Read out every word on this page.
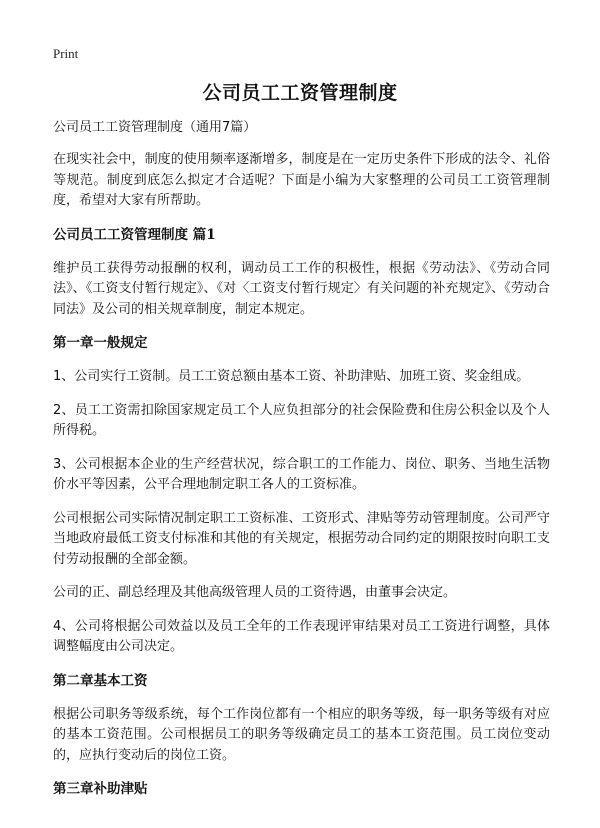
Print
公司员工工资管理制度

公司员工工资管理制度（通用7篇）

在现实社会中，制度的使用频率逐渐增多，制度是在一定历史条件下形成的法令、礼俗等规范。制度到底怎么拟定才合适呢？下面是小编为大家整理的公司员工工资管理制度，希望对大家有所帮助。

公司员工工资管理制度 篇1

维护员工获得劳动报酬的权利，调动员工工作的积极性，根据《劳动法》、《劳动合同法》、《工资支付暂行规定》、《对〈工资支付暂行规定〉有关问题的补充规定》、《劳动合同法》及公司的相关规章制度，制定本规定。

第一章一般规定

1、公司实行工资制。员工工资总额由基本工资、补助津贴、加班工资、奖金组成。

2、员工工资需扣除国家规定员工个人应负担部分的社会保险费和住房公积金以及个人所得税。

3、公司根据本企业的生产经营状况，综合职工的工作能力、岗位、职务、当地生活物价水平等因素，公平合理地制定职工各人的工资标准。

公司根据公司实际情况制定职工工资标准、工资形式、津贴等劳动管理制度。公司严守当地政府最低工资支付标准和其他的有关规定，根据劳动合同约定的期限按时向职工支付劳动报酬的全部金额。

公司的正、副总经理及其他高级管理人员的工资待遇，由董事会决定。

4、公司将根据公司效益以及员工全年的工作表现评审结果对员工工资进行调整，具体调整幅度由公司决定。

第二章基本工资

根据公司职务等级系统，每个工作岗位都有一个相应的职务等级，每一职务等级有对应的基本工资范围。公司根据员工的职务等级确定员工的基本工资范围。员工岗位变动的，应执行变动后的岗位工资。

第三章补助津贴
